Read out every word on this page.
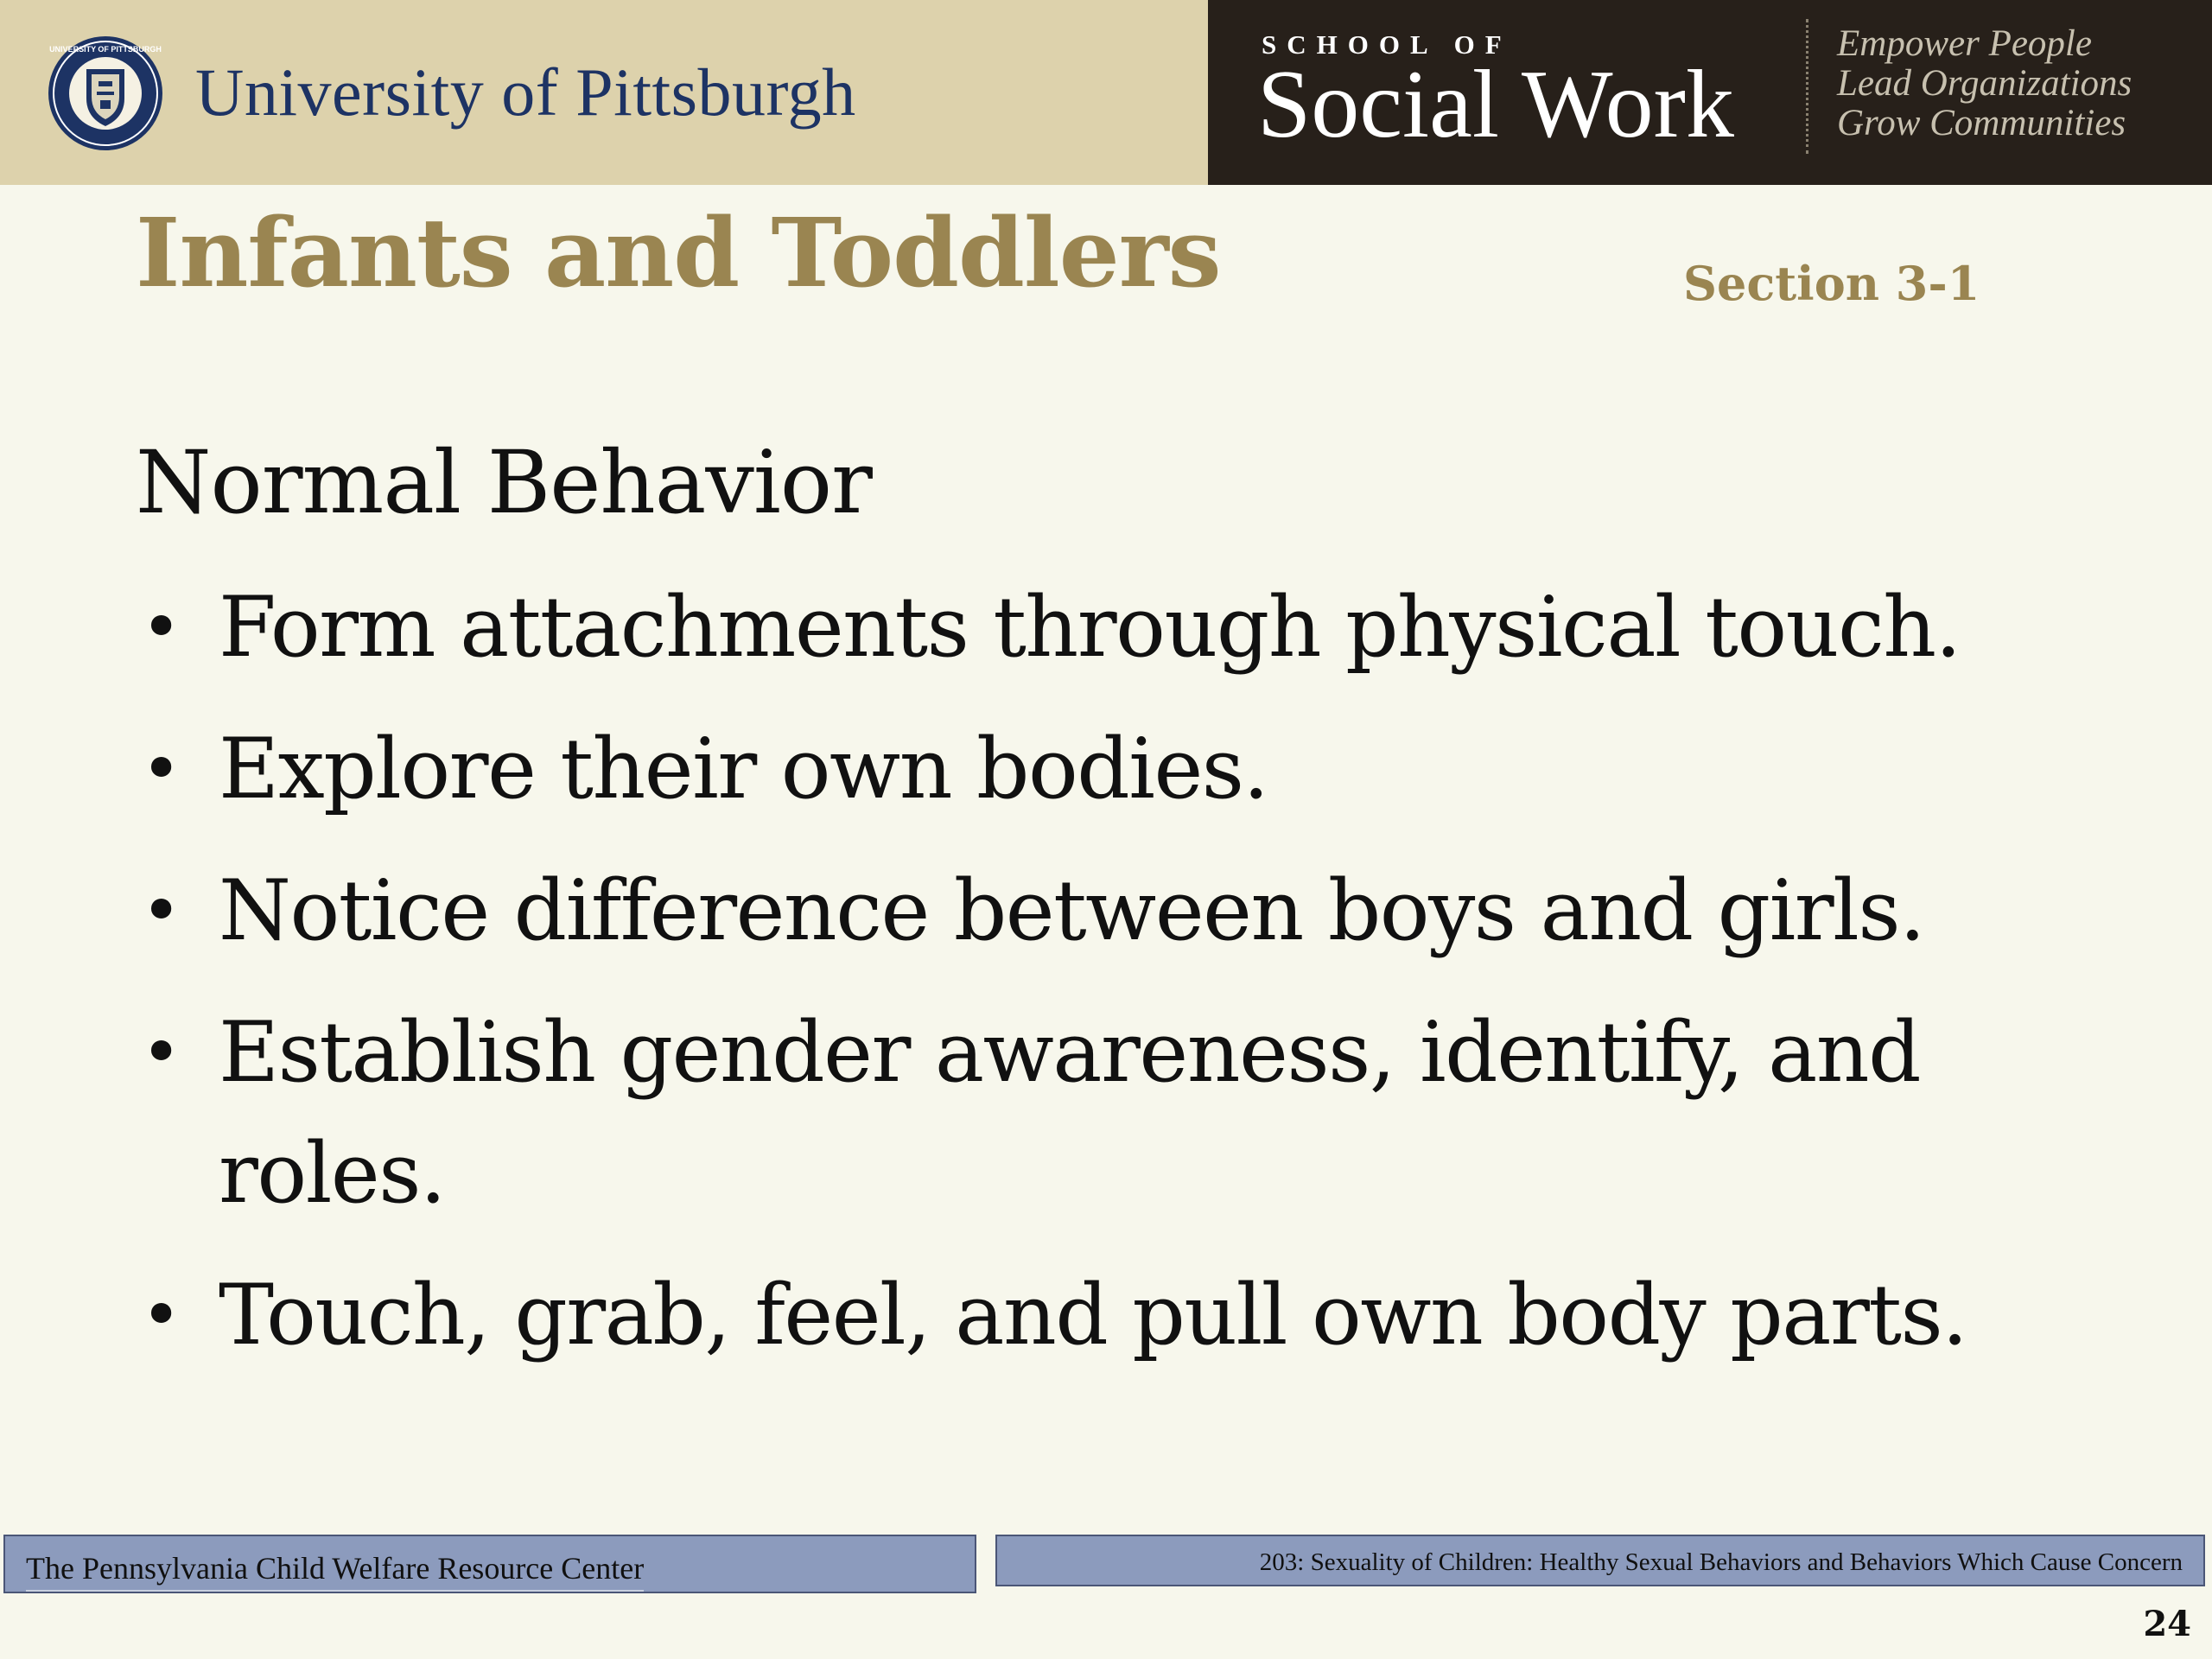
UNIVERSITY OF PITTSBURGH
University of Pittsburgh
SCHOOL OF
Social Work
Empower People
Lead Organizations
Grow Communities
Infants and Toddlers	Section 3-1
Normal Behavior
• Form attachments through physical touch.
• Explore their own bodies.
• Notice difference between boys and girls.
• Establish gender awareness, identify, and roles.
• Touch, grab, feel, and pull own body parts.
The Pennsylvania Child Welfare Resource Center	203: Sexuality of Children: Healthy Sexual Behaviors and Behaviors Which Cause Concern
24
